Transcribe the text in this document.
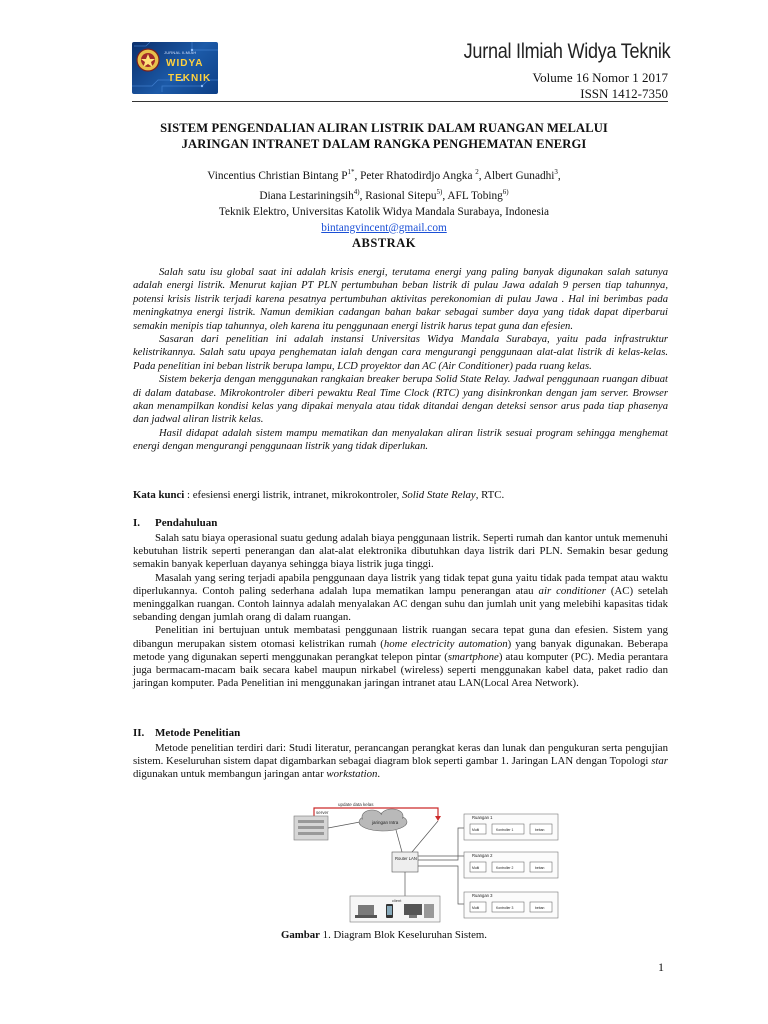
JURNAL ILMIAH
WIDYA
TEKNIK
Jurnal Ilmiah Widya Teknik
Volume 16 Nomor 1 2017
ISSN 1412-7350
SISTEM PENGENDALIAN ALIRAN LISTRIK DALAM RUANGAN MELALUI
JARINGAN INTRANET DALAM RANGKA PENGHEMATAN ENERGI
Vincentius Christian Bintang $P^{1*}$, Peter Rhatodirdjo Angka $^2$, Albert Gunadhi$^3$,
Diana Lestariningsih$^{4)}$, Rasional Sitepu$^{5)}$, AFL Tobing$^{6)}$
Teknik Elektro, Universitas Katolik Widya Mandala Surabaya, Indonesia
bintangvincent@gmail.com
ABSTRAK

Salah satu isu global saat ini adalah krisis energi, terutama energi yang paling banyak digunakan salah satunya adalah energi listrik. Menurut kajian PT PLN pertumbuhan beban listrik di pulau Jawa adalah 9 persen tiap tahunnya, potensi krisis listrik terjadi karena pesatnya pertumbuhan aktivitas perekonomian di pulau Jawa . Hal ini berimbas pada meningkatnya energi listrik. Namun demikian cadangan bahan bakar sebagai sumber daya yang tidak dapat diperbarui semakin menipis tiap tahunnya, oleh karena itu penggunaan energi listrik harus tepat guna dan efesien.

Sasaran dari penelitian ini adalah instansi Universitas Widya Mandala Surabaya, yaitu pada infrastruktur kelistrikannya. Salah satu upaya penghematan ialah dengan cara mengurangi penggunaan alat-alat listrik di kelas-kelas. Pada penelitian ini beban listrik berupa lampu, LCD proyektor dan AC (Air Conditioner) pada ruang kelas.

Sistem bekerja dengan menggunakan rangkaian breaker berupa Solid State Relay. Jadwal penggunaan ruangan dibuat di dalam database. Mikrokontroler diberi pewaktu Real Time Clock (RTC) yang disinkronkan dengan jam server. Browser akan menampilkan kondisi kelas yang dipakai menyala atau tidak ditandai dengan deteksi sensor arus pada tiap phasenya dan jadwal aliran listrik kelas.

Hasil didapat adalah sistem mampu mematikan dan menyalakan aliran listrik sesuai program sehingga menghemat energi dengan mengurangi penggunaan listrik yang tidak diperlukan.

Kata kunci : efesiensi energi listrik, intranet, mikrokontroler, Solid State Relay, RTC.
I. Pendahuluan

Salah satu biaya operasional suatu gedung adalah biaya penggunaan listrik. Seperti rumah dan kantor untuk memenuhi kebutuhan listrik seperti penerangan dan alat-alat elektronika dibutuhkan daya listrik dari PLN. Semakin besar gedung semakin banyak keperluan dayanya sehingga biaya listrik juga tinggi.

Masalah yang sering terjadi apabila penggunaan daya listrik yang tidak tepat guna yaitu tidak pada tempat atau waktu diperlukannya. Contoh paling sederhana adalah lupa mematikan lampu penerangan atau air conditioner (AC) setelah meninggalkan ruangan. Contoh lainnya adalah menyalakan AC dengan suhu dan jumlah unit yang melebihi kapasitas tidak sebanding dengan jumlah orang di dalam ruangan.

Penelitian ini bertujuan untuk membatasi penggunaan listrik ruangan secara tepat guna dan efesien. Sistem yang dibangun merupakan sistem otomasi kelistrikan rumah (home electricity automation) yang banyak digunakan. Beberapa metode yang digunakan seperti menggunakan perangkat telepon pintar (smartphone) atau komputer (PC). Media perantara juga bermacam-macam baik secara kabel maupun nirkabel (wireless) seperti menggunakan kabel data, paket radio dan jaringan komputer. Pada Penelitian ini menggunakan jaringan intranet atau LAN(Local Area Network).

II. Metode Penelitian

Metode penelitian terdiri dari: Studi literatur, perancangan perangkat keras dan lunak dan pengukuran serta pengujian sistem. Keseluruhan sistem dapat digambarkan sebagai diagram blok seperti gambar 1. Jaringan LAN dengan Topologi star digunakan untuk membangun jaringan antar workstation.

update data kelas
server
jaringan Intra
Router LAN
client
Ruangan 1
Multi	Kontroller 1	beban
Ruangan 2
Multi	Kontroller 2	beban
Ruangan 3
Multi	Kontroller 3	beban
Gambar 1. Diagram Blok Keseluruhan Sistem.
1
